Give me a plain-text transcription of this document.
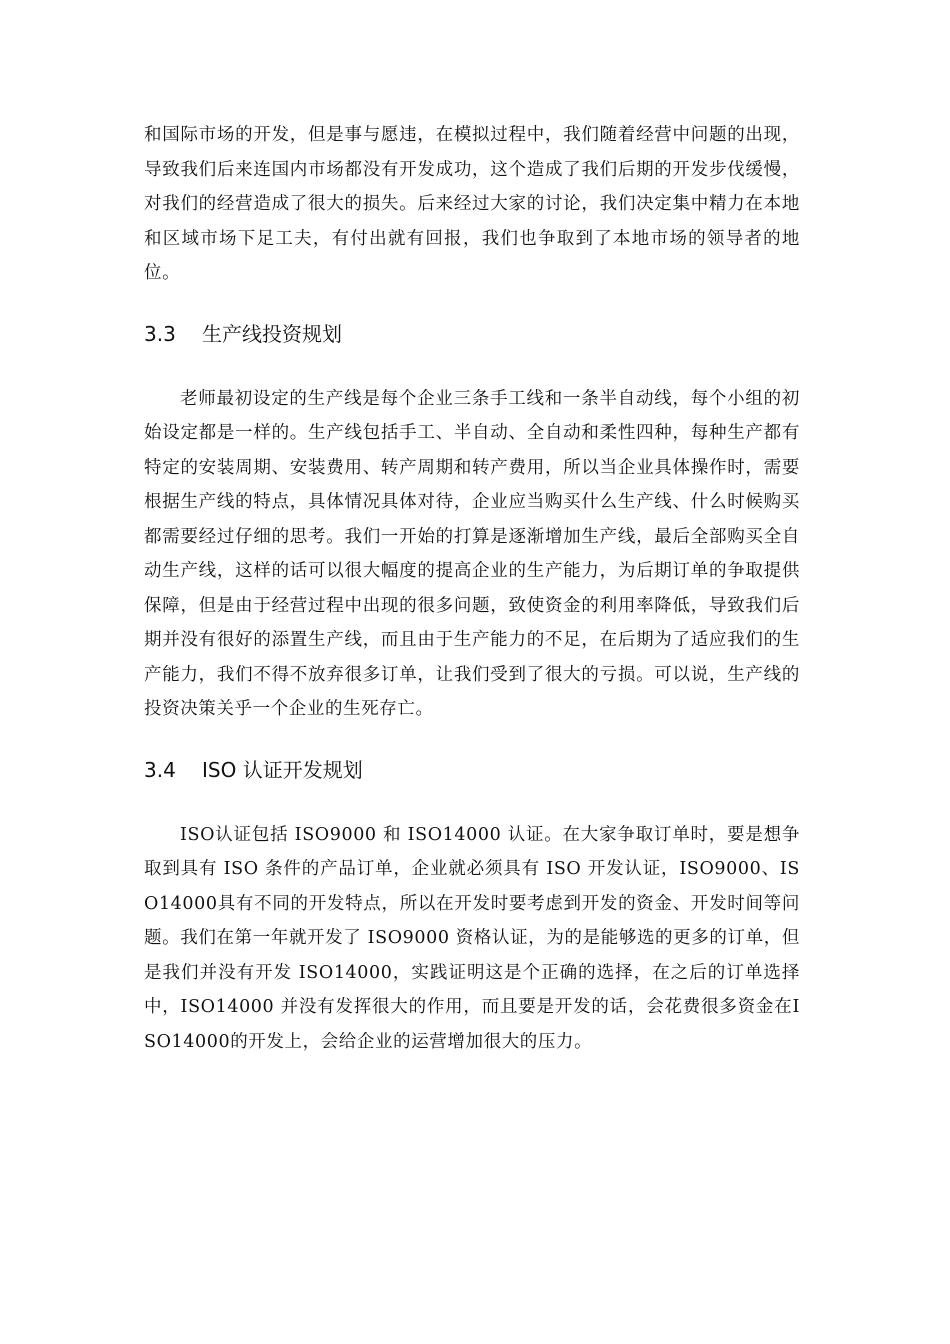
和国际市场的开发，但是事与愿违，在模拟过程中，我们随着经营中问题的出现，导致我们后来连国内市场都没有开发成功，这个造成了我们后期的开发步伐缓慢，对我们的经营造成了很大的损失。后来经过大家的讨论，我们决定集中精力在本地和区域市场下足工夫，有付出就有回报，我们也争取到了本地市场的领导者的地位。

3.3	生产线投资规划

老师最初设定的生产线是每个企业三条手工线和一条半自动线，每个小组的初始设定都是一样的。生产线包括手工、半自动、全自动和柔性四种，每种生产都有特定的安装周期、安装费用、转产周期和转产费用，所以当企业具体操作时，需要根据生产线的特点，具体情况具体对待，企业应当购买什么生产线、什么时候购买都需要经过仔细的思考。我们一开始的打算是逐渐增加生产线，最后全部购买全自动生产线，这样的话可以很大幅度的提高企业的生产能力，为后期订单的争取提供保障，但是由于经营过程中出现的很多问题，致使资金的利用率降低，导致我们后期并没有很好的添置生产线，而且由于生产能力的不足，在后期为了适应我们的生产能力，我们不得不放弃很多订单，让我们受到了很大的亏损。可以说，生产线的投资决策关乎一个企业的生死存亡。

3.4	ISO 认证开发规划

ISO认证包括 ISO9000 和 ISO14000 认证。在大家争取订单时，要是想争取到具有 ISO 条件的产品订单，企业就必须具有 ISO 开发认证，ISO9000、ISO14000具有不同的开发特点，所以在开发时要考虑到开发的资金、开发时间等问题。我们在第一年就开发了 ISO9000 资格认证，为的是能够选的更多的订单，但是我们并没有开发 ISO14000，实践证明这是个正确的选择，在之后的订单选择中，ISO14000 并没有发挥很大的作用，而且要是开发的话，会花费很多资金在ISO14000的开发上，会给企业的运营增加很大的压力。
